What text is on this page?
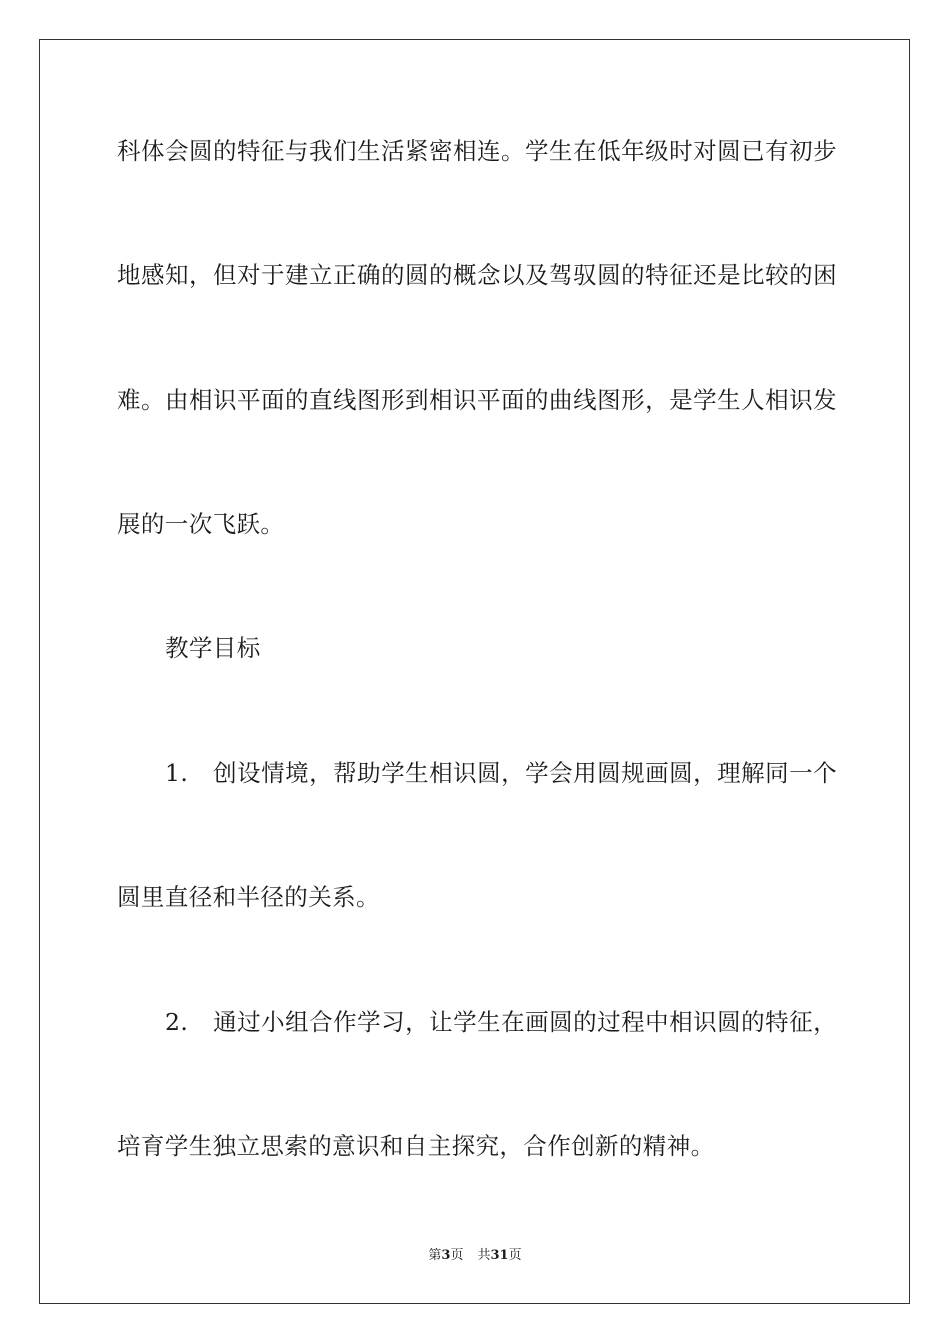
科体会圆的特征与我们生活紧密相连。学生在低年级时对圆已有初步

地感知，但对于建立正确的圆的概念以及驾驭圆的特征还是比较的困

难。由相识平面的直线图形到相识平面的曲线图形，是学生人相识发

展的一次飞跃。

教学目标

1. 创设情境，帮助学生相识圆，学会用圆规画圆，理解同一个

圆里直径和半径的关系。

2. 通过小组合作学习，让学生在画圆的过程中相识圆的特征，

培育学生独立思索的意识和自主探究，合作创新的精神。

第3页 共31页
